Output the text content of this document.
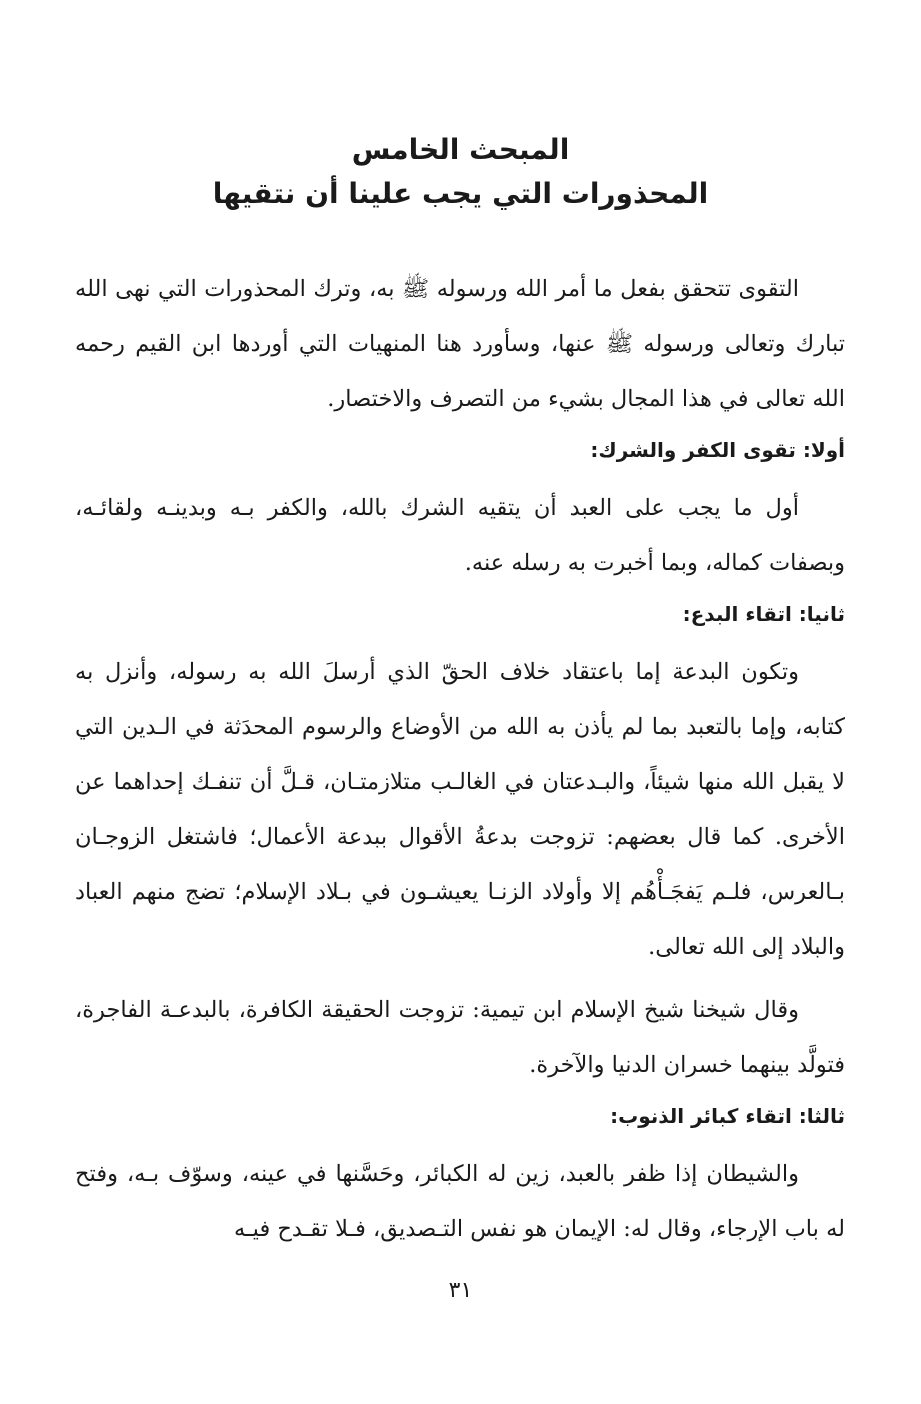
المبحث الخامس
المحذورات التي يجب علينا أن نتقيها

التقوى تتحقق بفعل ما أمر الله ورسوله ﷺ به، وترك المحذورات التي نهى الله تبارك وتعالى ورسوله ﷺ عنها، وسأورد هنا المنهيات التي أوردها ابن القيم رحمه الله تعالى في هذا المجال بشيء من التصرف والاختصار.

أولا: تقوى الكفر والشرك:

أول ما يجب على العبد أن يتقيه الشرك بالله، والكفر بـه وبدينـه ولقائـه، وبصفات كماله، وبما أخبرت به رسله عنه.

ثانيا: اتقاء البدع:

وتكون البدعة إما باعتقاد خلاف الحقّ الذي أرسلَ الله به رسوله، وأنزل به كتابه، وإما بالتعبد بما لم يأذن به الله من الأوضاع والرسوم المحدَثة في الـدين التي لا يقبل الله منها شيئاً، والبـدعتان في الغالـب متلازمتـان، قـلَّ أن تنفـك إحداهما عن الأخرى. كما قال بعضهم: تزوجت بدعةُ الأقوال ببدعة الأعمال؛ فاشتغل الزوجـان بـالعرس، فلـم يَفجَـأْهُم إلا وأولاد الزنـا يعيشـون في بـلاد الإسلام؛ تضج منهم العباد والبلاد إلى الله تعالى.

وقال شيخنا شيخ الإسلام ابن تيمية: تزوجت الحقيقة الكافرة، بالبدعـة الفاجرة، فتولَّد بينهما خسران الدنيا والآخرة.

ثالثا: اتقاء كبائر الذنوب:

والشيطان إذا ظفر بالعبد، زين له الكبائر، وحَسَّنها في عينه، وسوّف بـه، وفتح له باب الإرجاء، وقال له: الإيمان هو نفس التـصديق، فـلا تقـدح فيـه

٣١
